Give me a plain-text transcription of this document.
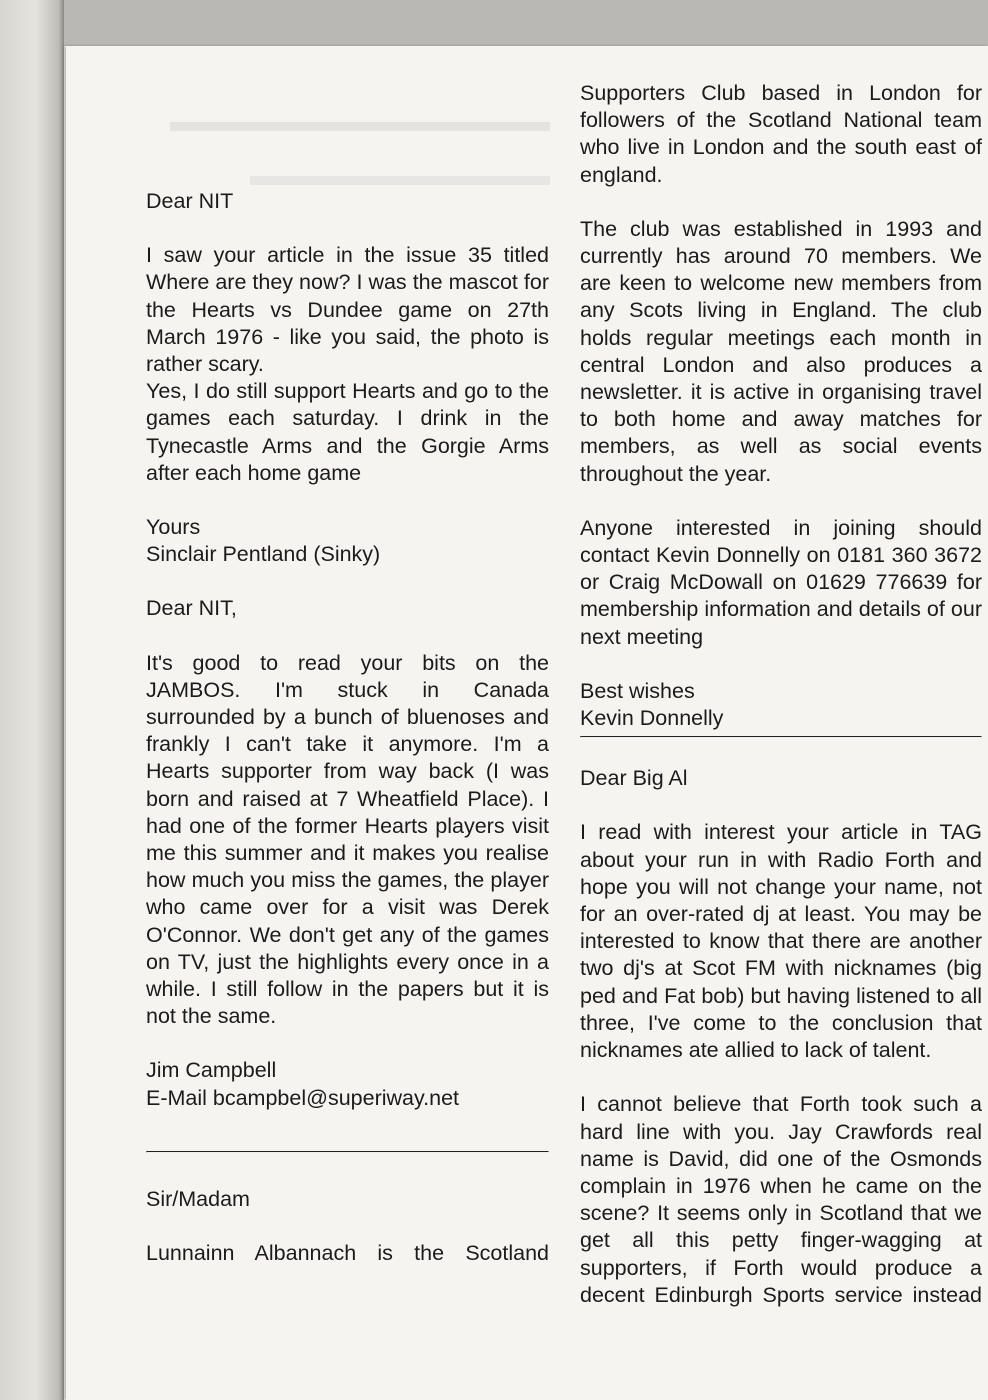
Dear NIT

I saw your article in the issue 35 titled Where are they now? I was the mascot for the Hearts vs Dundee game on 27th March 1976 - like you said, the photo is rather scary.

Yes, I do still support Hearts and go to the games each saturday. I drink in the Tynecastle Arms and the Gorgie Arms after each home game

Yours

Sinclair Pentland (Sinky)

Dear NIT,

It's good to read your bits on the JAMBOS. I'm stuck in Canada surrounded by a bunch of bluenoses and frankly I can't take it anymore. I'm a Hearts supporter from way back (I was born and raised at 7 Wheatfield Place). I had one of the former Hearts players visit me this summer and it makes you realise how much you miss the games, the player who came over for a visit was Derek O'Connor. We don't get any of the games on TV, just the highlights every once in a while. I still follow in the papers but it is not the same.

Jim Campbell

E-Mail bcampbel@superiway.net

Sir/Madam

Lunnainn Albannach is the Scotland

Supporters Club based in London for followers of the Scotland National team who live in London and the south east of england.

The club was established in 1993 and currently has around 70 members. We are keen to welcome new members from any Scots living in England. The club holds regular meetings each month in central London and also produces a newsletter. it is active in organising travel to both home and away matches for members, as well as social events throughout the year.

Anyone interested in joining should contact Kevin Donnelly on 0181 360 3672 or Craig McDowall on 01629 776639 for membership information and details of our next meeting

Best wishes

Kevin Donnelly

Dear Big Al

I read with interest your article in TAG about your run in with Radio Forth and hope you will not change your name, not for an over-rated dj at least. You may be interested to know that there are another two dj's at Scot FM with nicknames (big ped and Fat bob) but having listened to all three, I've come to the conclusion that nicknames ate allied to lack of talent.

I cannot believe that Forth took such a hard line with you. Jay Crawfords real name is David, did one of the Osmonds complain in 1976 when he came on the scene? It seems only in Scotland that we get all this petty finger-wagging at supporters, if Forth would produce a decent Edinburgh Sports service instead
